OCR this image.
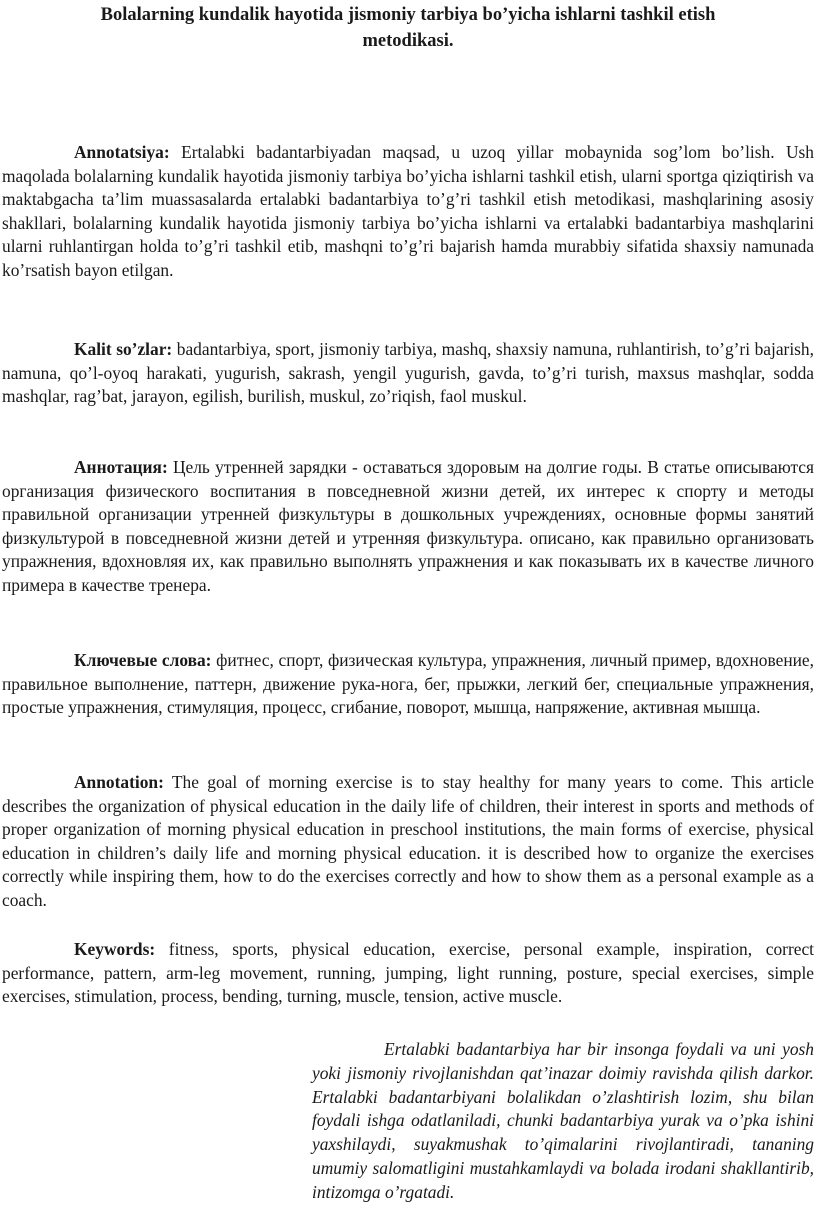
Bolalarning kundalik hayotida jismoniy tarbiya bo’yicha ishlarni tashkil etish
metodikasi.

Annotatsiya: Ertalabki badantarbiyadan maqsad, u uzoq yillar mobaynida sog’lom bo’lish. Ush maqolada bolalarning kundalik hayotida jismoniy tarbiya bo’yicha ishlarni tashkil etish, ularni sportga qiziqtirish va maktabgacha ta’lim muassasalarda ertalabki badantarbiya to’g’ri tashkil etish metodikasi, mashqlarining asosiy shakllari, bolalarning kundalik hayotida jismoniy tarbiya bo’yicha ishlarni va ertalabki badantarbiya mashqlarini ularni ruhlantirgan holda to’g’ri tashkil etib, mashqni to’g’ri bajarish hamda murabbiy sifatida shaxsiy namunada ko’rsatish bayon etilgan.

Kalit so’zlar: badantarbiya, sport, jismoniy tarbiya, mashq, shaxsiy namuna, ruhlantirish, to’g’ri bajarish, namuna, qo’l-oyoq harakati, yugurish, sakrash, yengil yugurish, gavda, to’g’ri turish, maxsus mashqlar, sodda mashqlar, rag’bat, jarayon, egilish, burilish, muskul, zo’riqish, faol muskul.

Аннотация: Цель утренней зарядки - оставаться здоровым на долгие годы. В статье описываются организация физического воспитания в повседневной жизни детей, их интерес к спорту и методы правильной организации утренней физкультуры в дошкольных учреждениях, основные формы занятий физкультурой в повседневной жизни детей и утренняя физкультура. описано, как правильно организовать упражнения, вдохновляя их, как правильно выполнять упражнения и как показывать их в качестве личного примера в качестве тренера.

Ключевые слова: фитнес, спорт, физическая культура, упражнения, личный пример, вдохновение, правильное выполнение, паттерн, движение рука-нога, бег, прыжки, легкий бег, специальные упражнения, простые упражнения, стимуляция, процесс, сгибание, поворот, мышца, напряжение, активная мышца.

Annotation: The goal of morning exercise is to stay healthy for many years to come. This article describes the organization of physical education in the daily life of children, their interest in sports and methods of proper organization of morning physical education in preschool institutions, the main forms of exercise, physical education in children’s daily life and morning physical education. it is described how to organize the exercises correctly while inspiring them, how to do the exercises correctly and how to show them as a personal example as a coach.

Keywords: fitness, sports, physical education, exercise, personal example, inspiration, correct performance, pattern, arm-leg movement, running, jumping, light running, posture, special exercises, simple exercises, stimulation, process, bending, turning, muscle, tension, active muscle.

Ertalabki badantarbiya har bir insonga foydali va uni yosh yoki jismoniy rivojlanishdan qat’inazar doimiy ravishda qilish darkor. Ertalabki badantarbiyani bolalikdan o’zlashtirish lozim, shu bilan foydali ishga odatlaniladi, chunki badantarbiya yurak va o’pka ishini yaxshilaydi, suyakmushak to’qimalarini rivojlantiradi, tananing umumiy salomatligini mustahkamlaydi va bolada irodani shakllantirib, intizomga o’rgatadi.
